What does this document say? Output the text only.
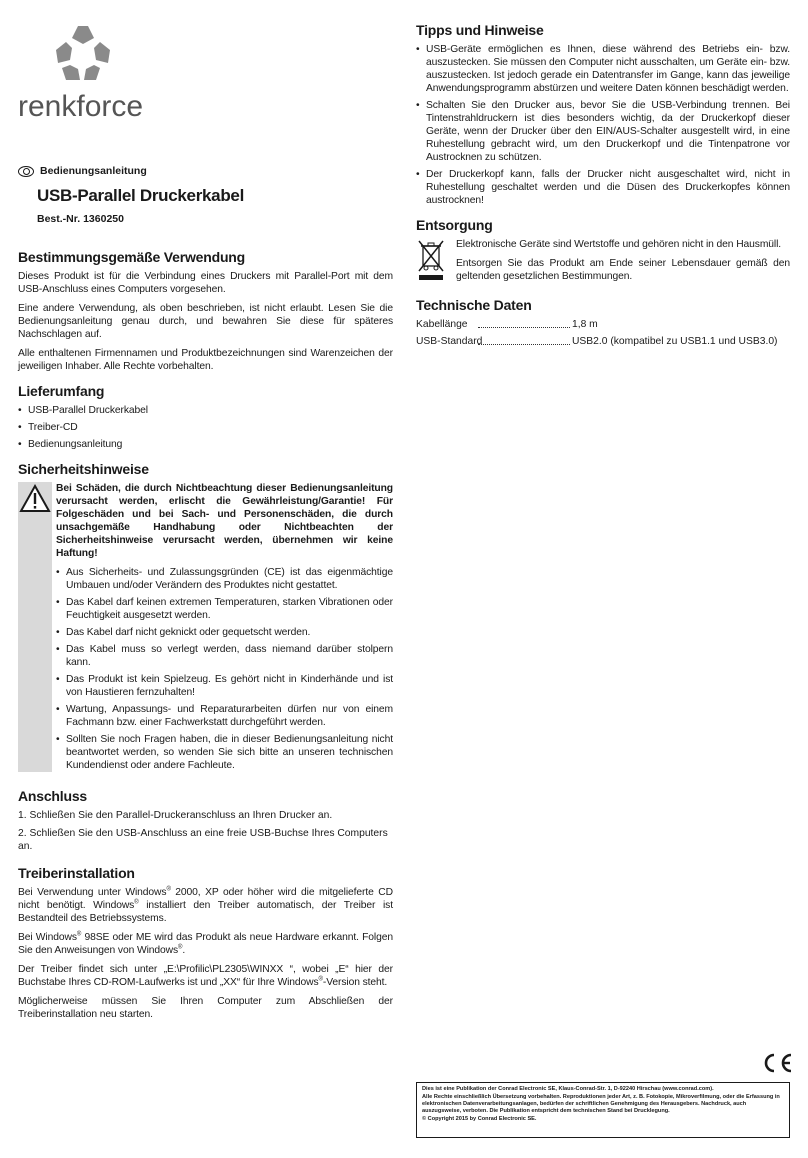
renkforce
Bedienungsanleitung
USB-Parallel Druckerkabel
Best.-Nr. 1360250
Bestimmungsgemäße Verwendung

Dieses Produkt ist für die Verbindung eines Druckers mit Parallel-Port mit dem USB-Anschluss eines Computers vorgesehen.

Eine andere Verwendung, als oben beschrieben, ist nicht erlaubt. Lesen Sie die Bedienungsanleitung genau durch, und bewahren Sie diese für späteres Nachschlagen auf.

Alle enthaltenen Firmennamen und Produktbezeichnungen sind Warenzeichen der jeweiligen Inhaber. Alle Rechte vorbehalten.

Lieferumfang
• USB-Parallel Druckerkabel
• Treiber-CD
• Bedienungsanleitung
Sicherheitshinweise

Bei Schäden, die durch Nichtbeachtung dieser Bedienungsanleitung verursacht werden, erlischt die Gewährleistung/Garantie! Für Folgeschäden und bei Sach- und Personenschäden, die durch unsachgemäße Handhabung oder Nichtbeachten der Sicherheitshinweise verursacht werden, übernehmen wir keine Haftung!

• Aus Sicherheits- und Zulassungsgründen (CE) ist das eigenmächtige Umbauen und/oder Verändern des Produktes nicht gestattet.
• Das Kabel darf keinen extremen Temperaturen, starken Vibrationen oder Feuchtigkeit ausgesetzt werden.
• Das Kabel darf nicht geknickt oder gequetscht werden.
• Das Kabel muss so verlegt werden, dass niemand darüber stolpern kann.
• Das Produkt ist kein Spielzeug. Es gehört nicht in Kinderhände und ist von Haustieren fernzuhalten!
• Wartung, Anpassungs- und Reparaturarbeiten dürfen nur von einem Fachmann bzw. einer Fachwerkstatt durchgeführt werden.
• Sollten Sie noch Fragen haben, die in dieser Bedienungsanleitung nicht beantwortet werden, so wenden Sie sich bitte an unseren technischen Kundendienst oder andere Fachleute.
Anschluss
1. Schließen Sie den Parallel-Druckeranschluss an Ihren Drucker an.
2. Schließen Sie den USB-Anschluss an eine freie USB-Buchse Ihres Computers an.
Treiberinstallation

Bei Verwendung unter Windows® 2000, XP oder höher wird die mitgelieferte CD nicht benötigt. Windows® installiert den Treiber automatisch, der Treiber ist Bestandteil des Betriebssystems.

Bei Windows® 98SE oder ME wird das Produkt als neue Hardware erkannt. Folgen Sie den Anweisungen von Windows®.

Der Treiber findet sich unter „E:\Profilic\PL2305\WINXX “, wobei „E“ hier der Buchstabe Ihres CD-ROM-Laufwerks ist und „XX“ für Ihre Windows®-Version steht.

Möglicherweise müssen Sie Ihren Computer zum Abschließen der Treiberinstallation neu starten.

Tipps und Hinweise
• USB-Geräte ermöglichen es Ihnen, diese während des Betriebs ein- bzw. auszustecken. Sie müssen den Computer nicht ausschalten, um Geräte ein- bzw. auszustecken. Ist jedoch gerade ein Datentransfer im Gange, kann das jeweilige Anwendungsprogramm abstürzen und weitere Daten können beschädigt werden.
• Schalten Sie den Drucker aus, bevor Sie die USB-Verbindung trennen. Bei Tintenstrahldruckern ist dies besonders wichtig, da der Druckerkopf dieser Geräte, wenn der Drucker über den EIN/AUS-Schalter ausgestellt wird, in eine Ruhestellung gebracht wird, um den Druckerkopf und die Tintenpatrone vor Austrocknen zu schützen.
• Der Druckerkopf kann, falls der Drucker nicht ausgeschaltet wird, nicht in Ruhestellung geschaltet werden und die Düsen des Druckerkopfes können austrocknen!
Entsorgung

Elektronische Geräte sind Wertstoffe und gehören nicht in den Hausmüll.

Entsorgen Sie das Produkt am Ende seiner Lebensdauer gemäß den geltenden gesetzlichen Bestimmungen.

Technische Daten
Kabellänge	1,8 m
USB-Standard	USB2.0 (kompatibel zu USB1.1 und USB3.0)

Dies ist eine Publikation der Conrad Electronic SE, Klaus-Conrad-Str. 1, D-92240 Hirschau (www.conrad.com).

Alle Rechte einschließlich Übersetzung vorbehalten. Reproduktionen jeder Art, z. B. Fotokopie, Mikroverfilmung, oder die Erfassung in elektronischen Datenverarbeitungsanlagen, bedürfen der schriftlichen Genehmigung des Herausgebers. Nachdruck, auch auszugsweise, verboten. Die Publikation entspricht dem technischen Stand bei Drucklegung.

© Copyright 2015 by Conrad Electronic SE.
